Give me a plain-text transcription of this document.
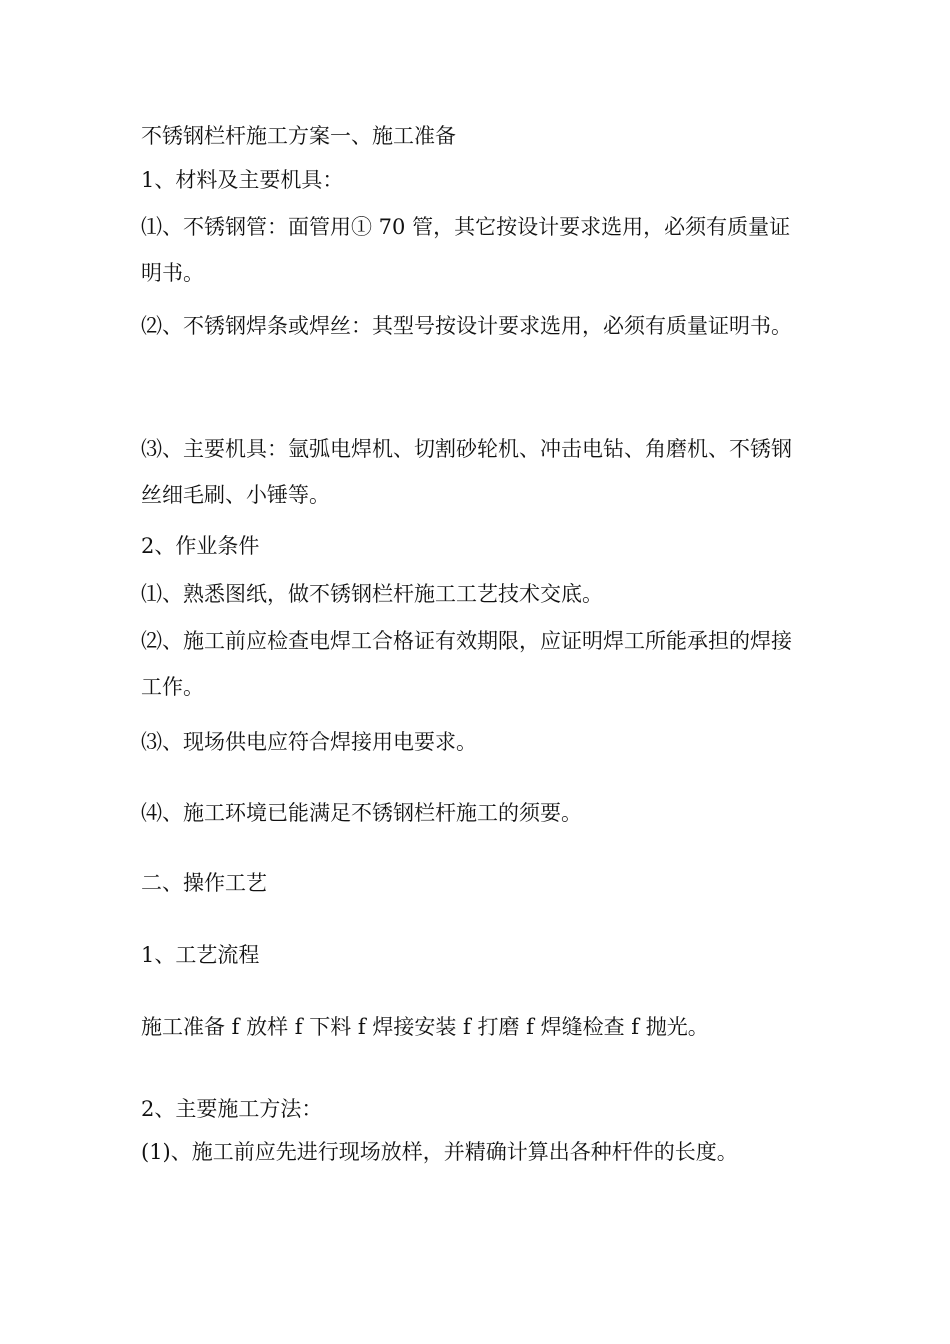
不锈钢栏杆施工方案一、施工准备

1、材料及主要机具：

⑴、不锈钢管：面管用① 70 管，其它按设计要求选用，必须有质量证明书。

⑵、不锈钢焊条或焊丝：其型号按设计要求选用，必须有质量证明书。

⑶、主要机具：氩弧电焊机、切割砂轮机、冲击电钻、角磨机、不锈钢丝细毛刷、小锤等。

2、作业条件

⑴、熟悉图纸，做不锈钢栏杆施工工艺技术交底。

⑵、施工前应检查电焊工合格证有效期限，应证明焊工所能承担的焊接工作。

⑶、现场供电应符合焊接用电要求。

⑷、施工环境已能满足不锈钢栏杆施工的须要。

二、操作工艺

1、工艺流程

施工准备 f 放样 f 下料 f 焊接安装 f 打磨 f 焊缝检查 f 抛光。

2、主要施工方法：

(1)、施工前应先进行现场放样，并精确计算出各种杆件的长度。
